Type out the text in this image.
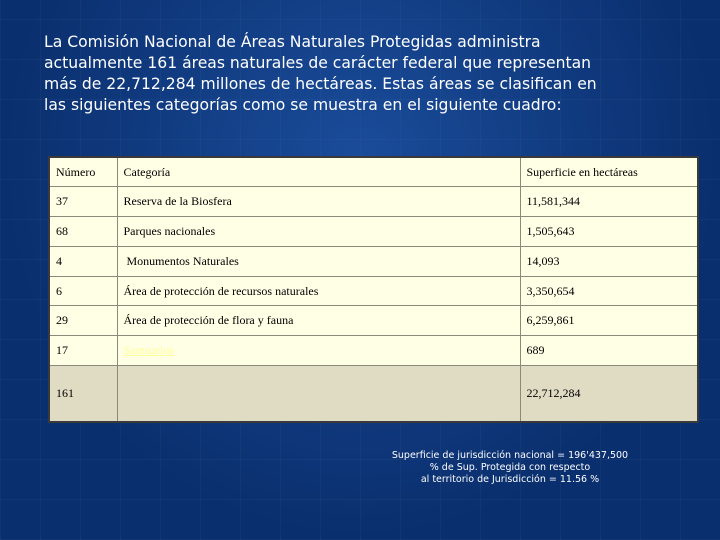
La Comisión Nacional de Áreas Naturales Protegidas administra

actualmente 161 áreas naturales de carácter federal que representan

más de 22,712,284 millones de hectáreas. Estas áreas se clasifican en

las siguientes categorías como se muestra en el siguiente cuadro:

Número	Categoría	Superficie en hectáreas
37	Reserva de la Biosfera	11,581,344
68	Parques nacionales	1,505,643
4	Monumentos Naturales	14,093
6	Área de protección de recursos naturales	3,350,654
29	Área de protección de flora y fauna	6,259,861
17	Santuarios	689
161		22,712,284
Superficie de jurisdicción nacional = 196'437,500
% de Sup. Protegida con respecto
al territorio de Jurisdicción = 11.56 %
